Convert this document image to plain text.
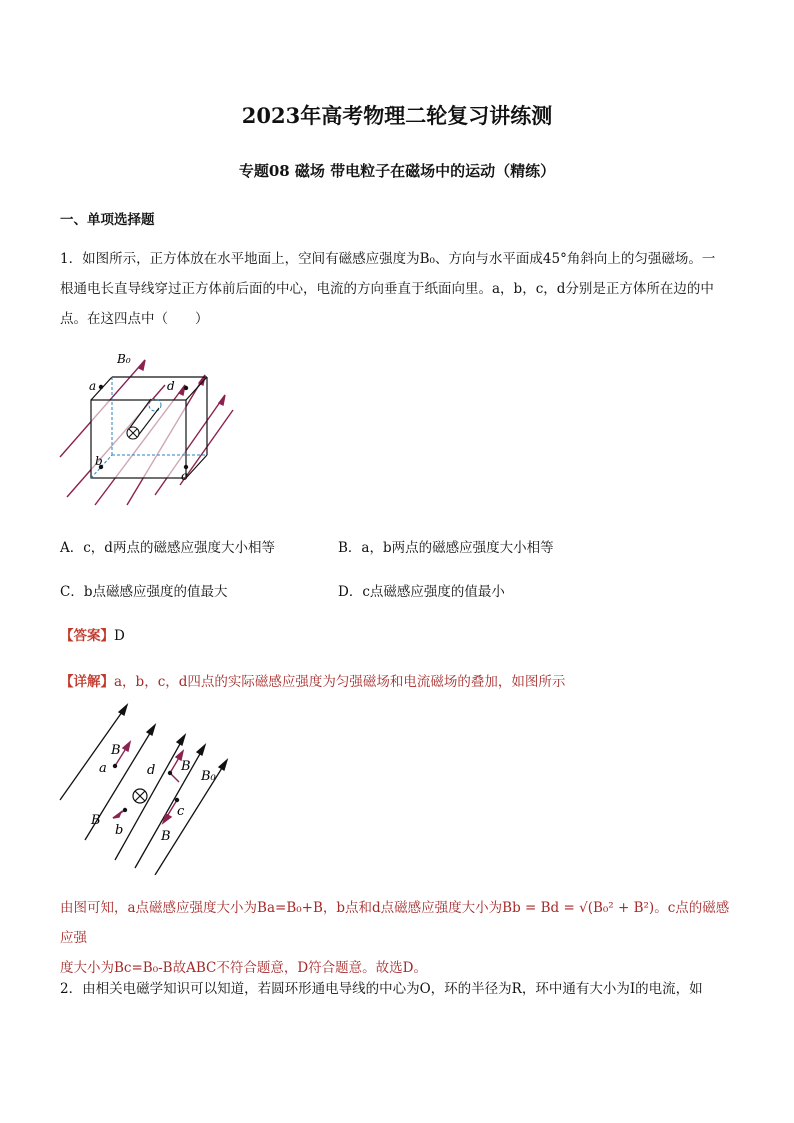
2023年高考物理二轮复习讲练测
专题08 磁场 带电粒子在磁场中的运动（精练）
一、单项选择题
1．如图所示，正方体放在水平地面上，空间有磁感应强度为B₀、方向与水平面成45°角斜向上的匀强磁场。一
根通电长直导线穿过正方体前后面的中心，电流的方向垂直于纸面向里。a，b，c，d分别是正方体所在边的中
点。在这四点中（　　）
B₀
a	d
b
c
A．c，d两点的磁感应强度大小相等	B．a，b两点的磁感应强度大小相等
C．b点磁感应强度的值最大	D．c点磁感应强度的值最小
【答案】D
【详解】a，b，c，d四点的实际磁感应强度为匀强磁场和电流磁场的叠加，如图所示
B
a	d B
B₀
B
b
c
B
由图可知，a点磁感应强度大小为Ba=B₀+B，b点和d点磁感应强度大小为Bb = Bd = √(B₀² + B²)。c点的磁感应强
度大小为Bc=B₀-B故ABC不符合题意，D符合题意。故选D。
2．由相关电磁学知识可以知道，若圆环形通电导线的中心为O，环的半径为R，环中通有大小为I的电流，如
